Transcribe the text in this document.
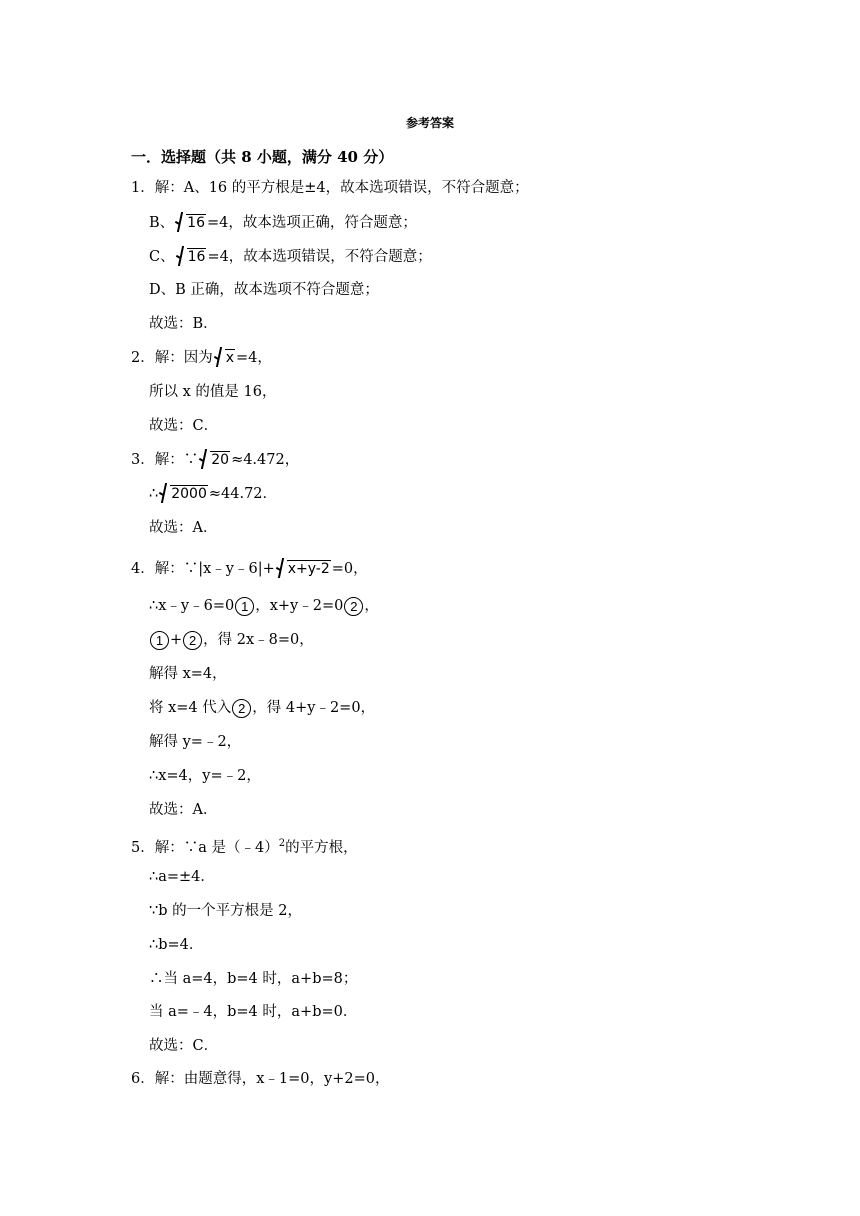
参考答案
一．选择题（共 8 小题，满分 40 分）
1．解：A、16 的平方根是±4，故本选项错误，不符合题意；
B、 16 =4，故本选项正确，符合题意；
C、 16 =4，故本选项错误，不符合题意；
D、B 正确，故本选项不符合题意；
故选：B．
2．解：因为 x =4，
所以 x 的值是 16，
故选：C．
3．解：∵ 20 ≈4.472，
∴ 2000 ≈44.72．
故选：A．
4．解：∵|x﹣y﹣6|+ x+y-2 =0，
∴x﹣y﹣6=0 1 ，x+y﹣2=0 2 ，
1 + 2 ，得 2x﹣8=0，
解得 x=4，
将 x=4 代入 2 ，得 4+y﹣2=0，
解得 y=﹣2，
∴x=4，y=﹣2，
故选：A．
5．解：∵a 是（﹣4）$^2$的平方根，
∴a=±4．
∵b 的一个平方根是 2，
∴b=4．
∴当 a=4，b=4 时，a+b=8；
当 a=﹣4，b=4 时，a+b=0．
故选：C．
6．解：由题意得，x﹣1=0，y+2=0，
